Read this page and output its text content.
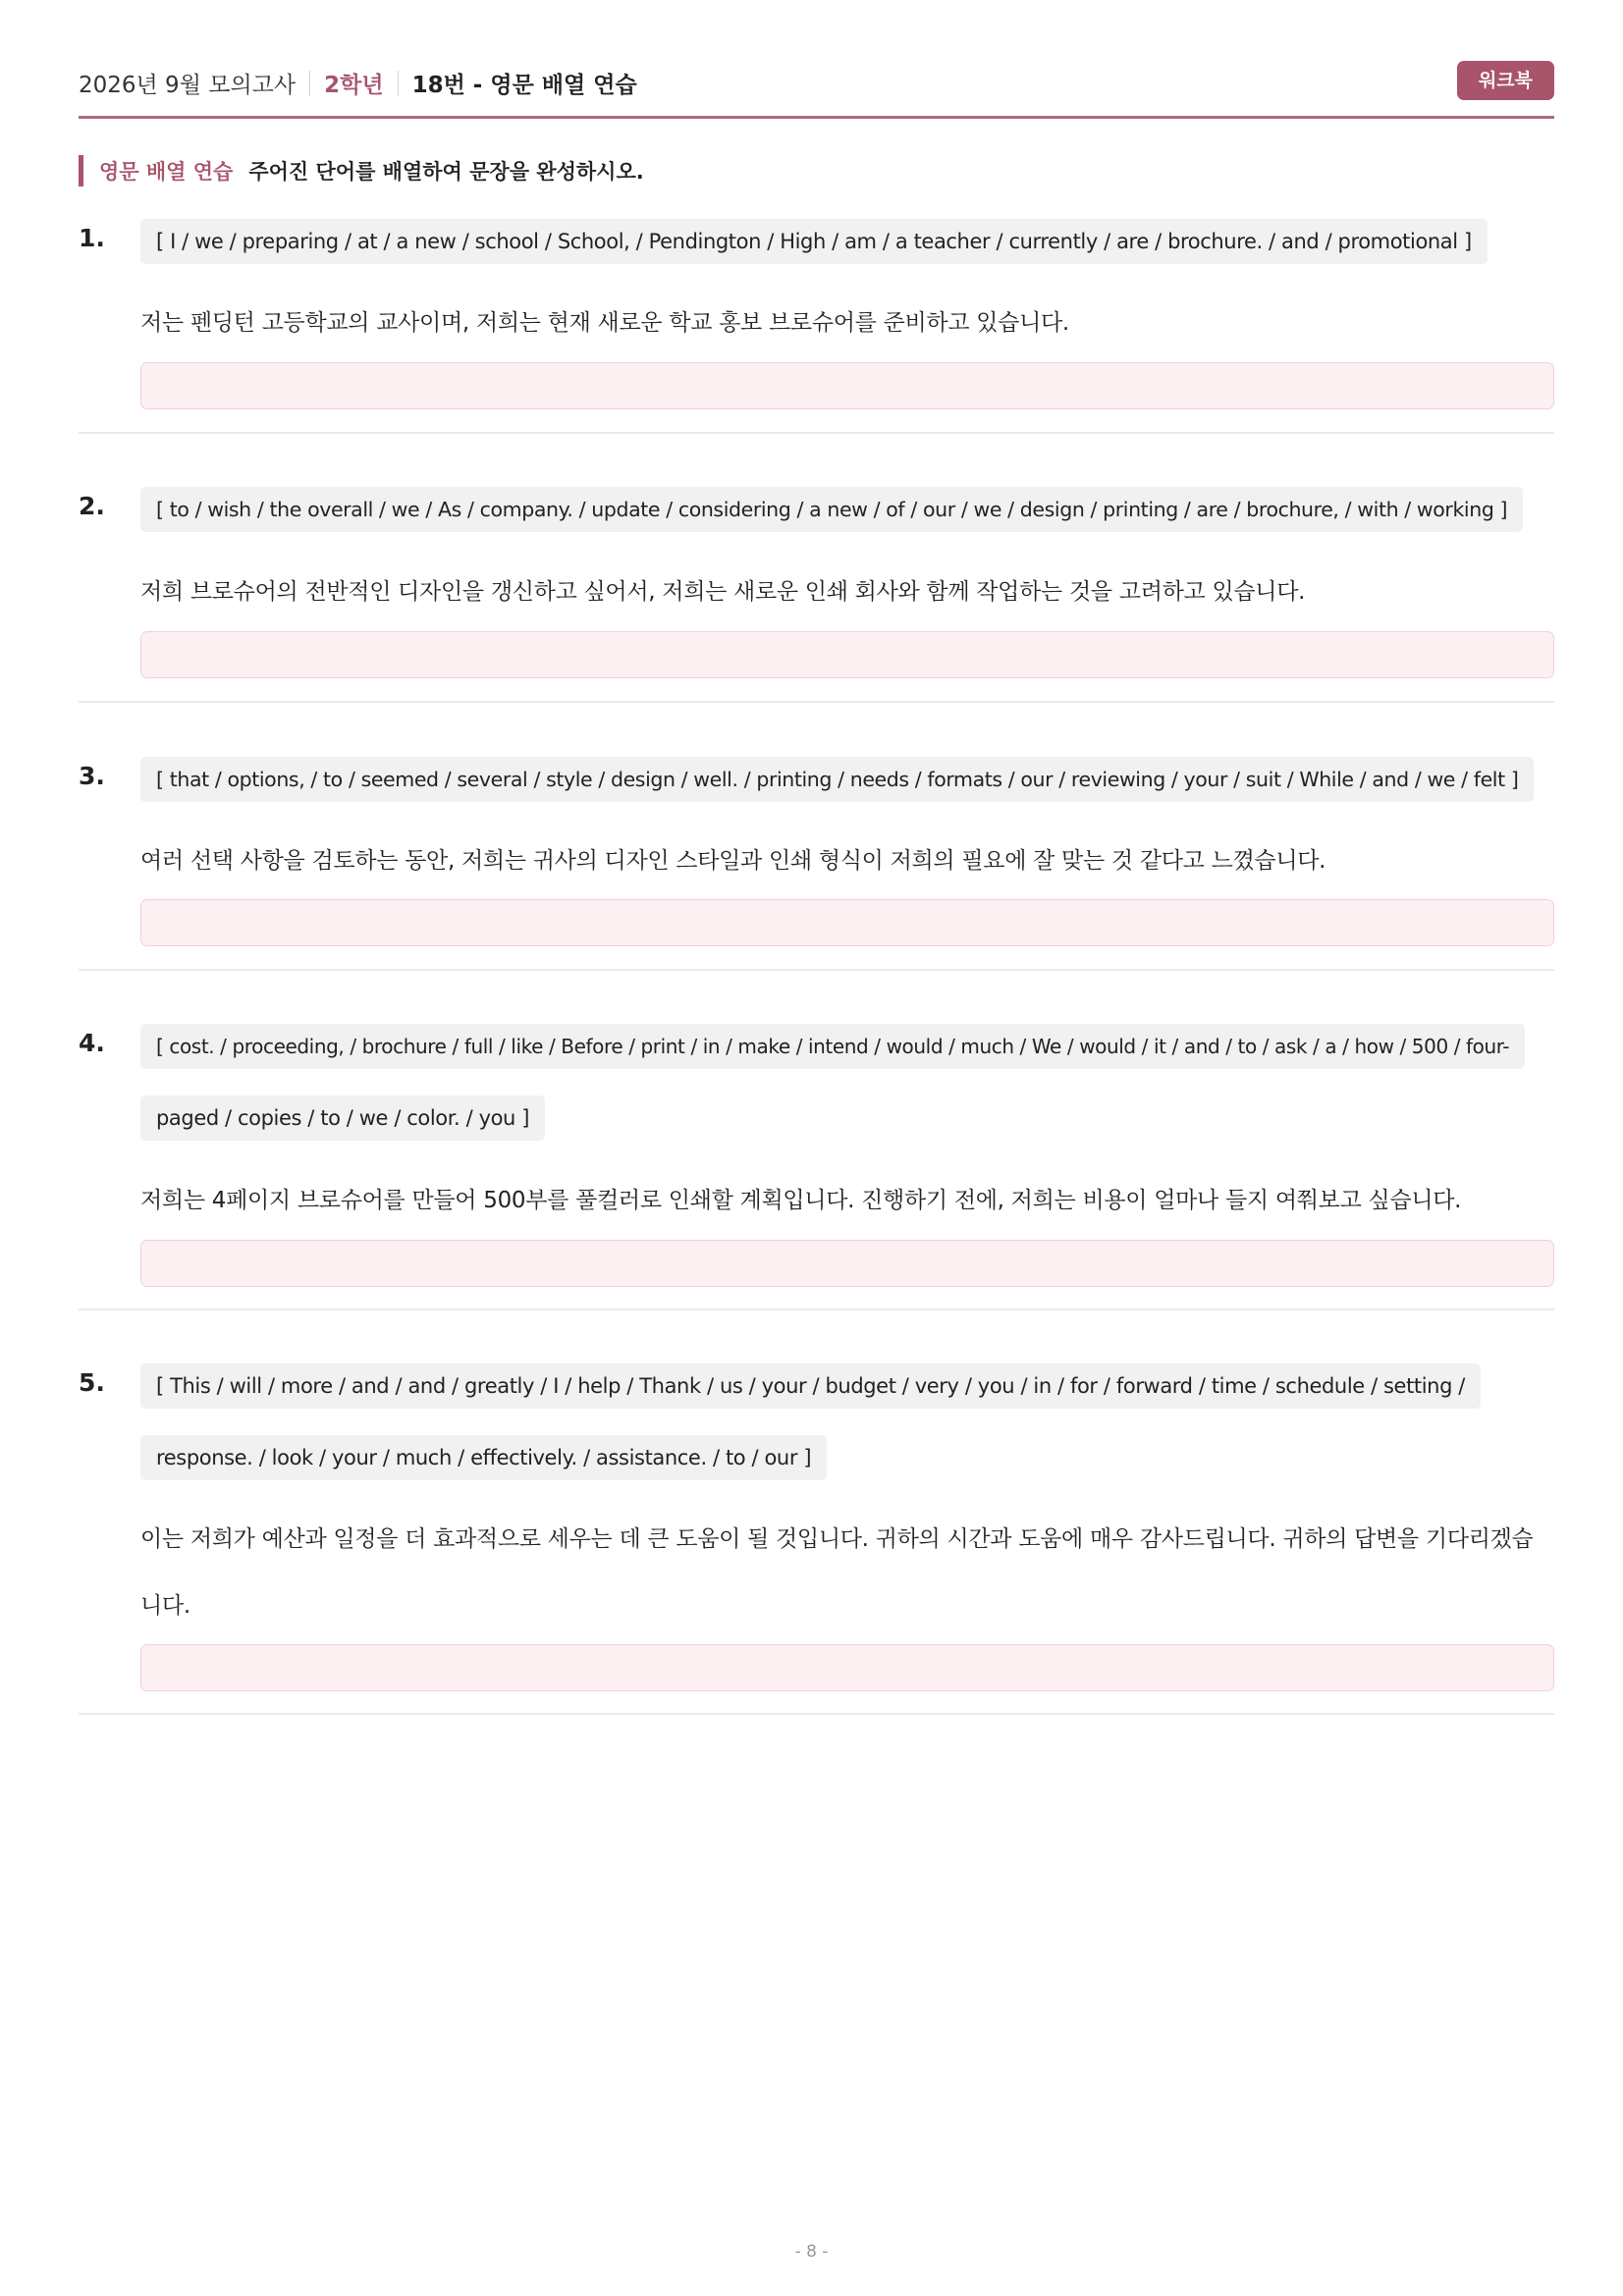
2026년 9월 모의고사 2학년 18번 - 영문 배열 연습	워크북
영문 배열 연습 주어진 단어를 배열하여 문장을 완성하시오.
1.	[ I / we / preparing / at / a new / school / School, / Pendington / High / am / a teacher / currently / are / brochure. / and / promotional ]
저는 펜딩턴 고등학교의 교사이며, 저희는 현재 새로운 학교 홍보 브로슈어를 준비하고 있습니다.
2.	[ to / wish / the overall / we / As / company. / update / considering / a new / of / our / we / design / printing / are / brochure, / with / working ]
저희 브로슈어의 전반적인 디자인을 갱신하고 싶어서, 저희는 새로운 인쇄 회사와 함께 작업하는 것을 고려하고 있습니다.
3.	[ that / options, / to / seemed / several / style / design / well. / printing / needs / formats / our / reviewing / your / suit / While / and / we / felt ]
여러 선택 사항을 검토하는 동안, 저희는 귀사의 디자인 스타일과 인쇄 형식이 저희의 필요에 잘 맞는 것 같다고 느꼈습니다.
4.	[ cost. / proceeding, / brochure / full / like / Before / print / in / make / intend / would / much / We / would / it / and / to / ask / a / how / 500 / four-
paged / copies / to / we / color. / you ]
저희는 4페이지 브로슈어를 만들어 500부를 풀컬러로 인쇄할 계획입니다. 진행하기 전에, 저희는 비용이 얼마나 들지 여쭤보고 싶습니다.
5.	[ This / will / more / and / and / greatly / I / help / Thank / us / your / budget / very / you / in / for / forward / time / schedule / setting /
response. / look / your / much / effectively. / assistance. / to / our ]
이는 저희가 예산과 일정을 더 효과적으로 세우는 데 큰 도움이 될 것입니다. 귀하의 시간과 도움에 매우 감사드립니다. 귀하의 답변을 기다리겠습
니다.
- 8 -
